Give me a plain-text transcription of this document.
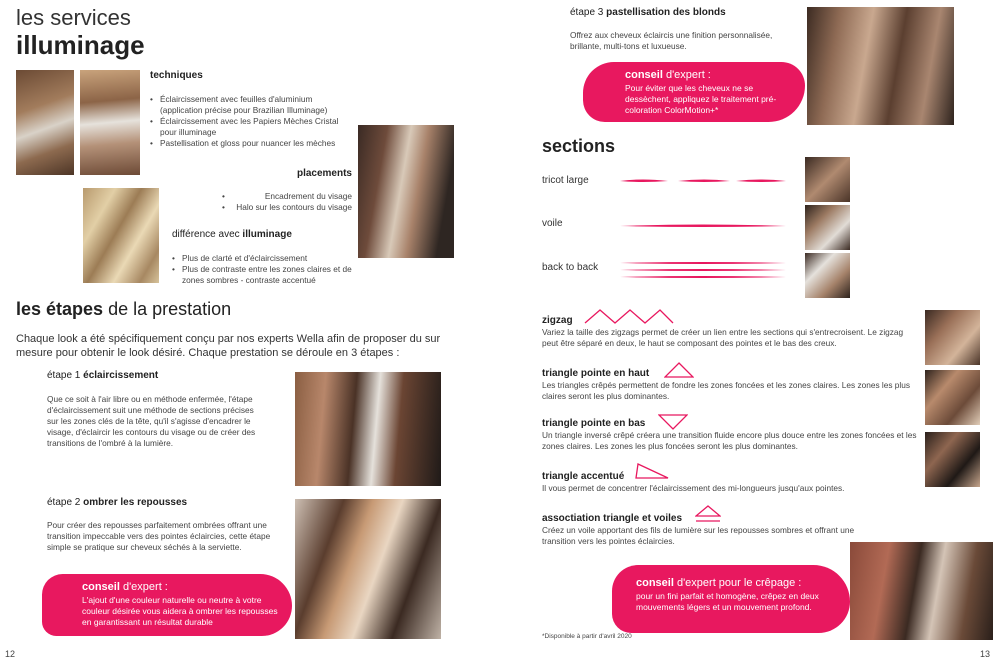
les services
illuminage
techniques
• Éclaircissement avec feuilles d'aluminium (application précise pour Brazilian Illuminage)
• Éclaircissement avec les Papiers Mèches Cristal pour illuminage
• Pastellisation et gloss pour nuancer les mèches
placements
• Encadrement du visage
• Halo sur les contours du visage
différence avec illuminage
• Plus de clarté et d'éclaircissement
• Plus de contraste entre les zones claires et de zones sombres - contraste accentué
les étapes de la prestation
Chaque look a été spécifiquement conçu par nos experts Wella afin de proposer du sur mesure pour obtenir le look désiré. Chaque prestation se déroule en 3 étapes :
étape 1 éclaircissement
Que ce soit à l'air libre ou en méthode enfermée, l'étape d'éclaircissement suit une méthode de sections précises sur les zones clés de la tête, qu'il s'agisse d'encadrer le visage, d'éclaircir les contours du visage ou de créer des transitions de l'ombré à la lumière.
étape 2 ombrer les repousses
Pour créer des repousses parfaitement ombrées offrant une transition impeccable vers des pointes éclaircies, cette étape simple se pratique sur cheveux séchés à la serviette.
conseil d'expert :
L'ajout d'une couleur naturelle ou neutre à votre couleur désirée vous aidera à ombrer les repousses en garantissant un résultat durable
12
étape 3 pastellisation des blonds
Offrez aux cheveux éclaircis une finition personnalisée, brillante, multi-tons et luxueuse.
conseil d'expert :
Pour éviter que les cheveux ne se dessèchent, appliquez le traitement pré-coloration ColorMotion+*
sections
tricot large
voile
back to back
zigzag
Variez la taille des zigzags permet de créer un lien entre les sections qui s'entrecroisent. Le zigzag peut être séparé en deux, le haut se composant des pointes et le bas des creux.
triangle pointe en haut
Les triangles crêpés permettent de fondre les zones foncées et les zones claires. Les zones les plus claires seront les plus dominantes.
triangle pointe en bas
Un triangle inversé crêpé créera une transition fluide encore plus douce entre les zones foncées et les zones claires. Les zones les plus foncées seront les plus dominantes.
triangle accentué
Il vous permet de concentrer l'éclaircissement des mi-longueurs jusqu'aux pointes.
assoctiation triangle et voiles
Créez un voile apportant des fils de lumière sur les repousses sombres et offrant une transition vers les pointes éclaircies.
conseil d'expert pour le crêpage :
pour un fini parfait et homogène, crêpez en deux mouvements légers et un mouvement profond.
*Disponible à partir d'avril 2020
13
